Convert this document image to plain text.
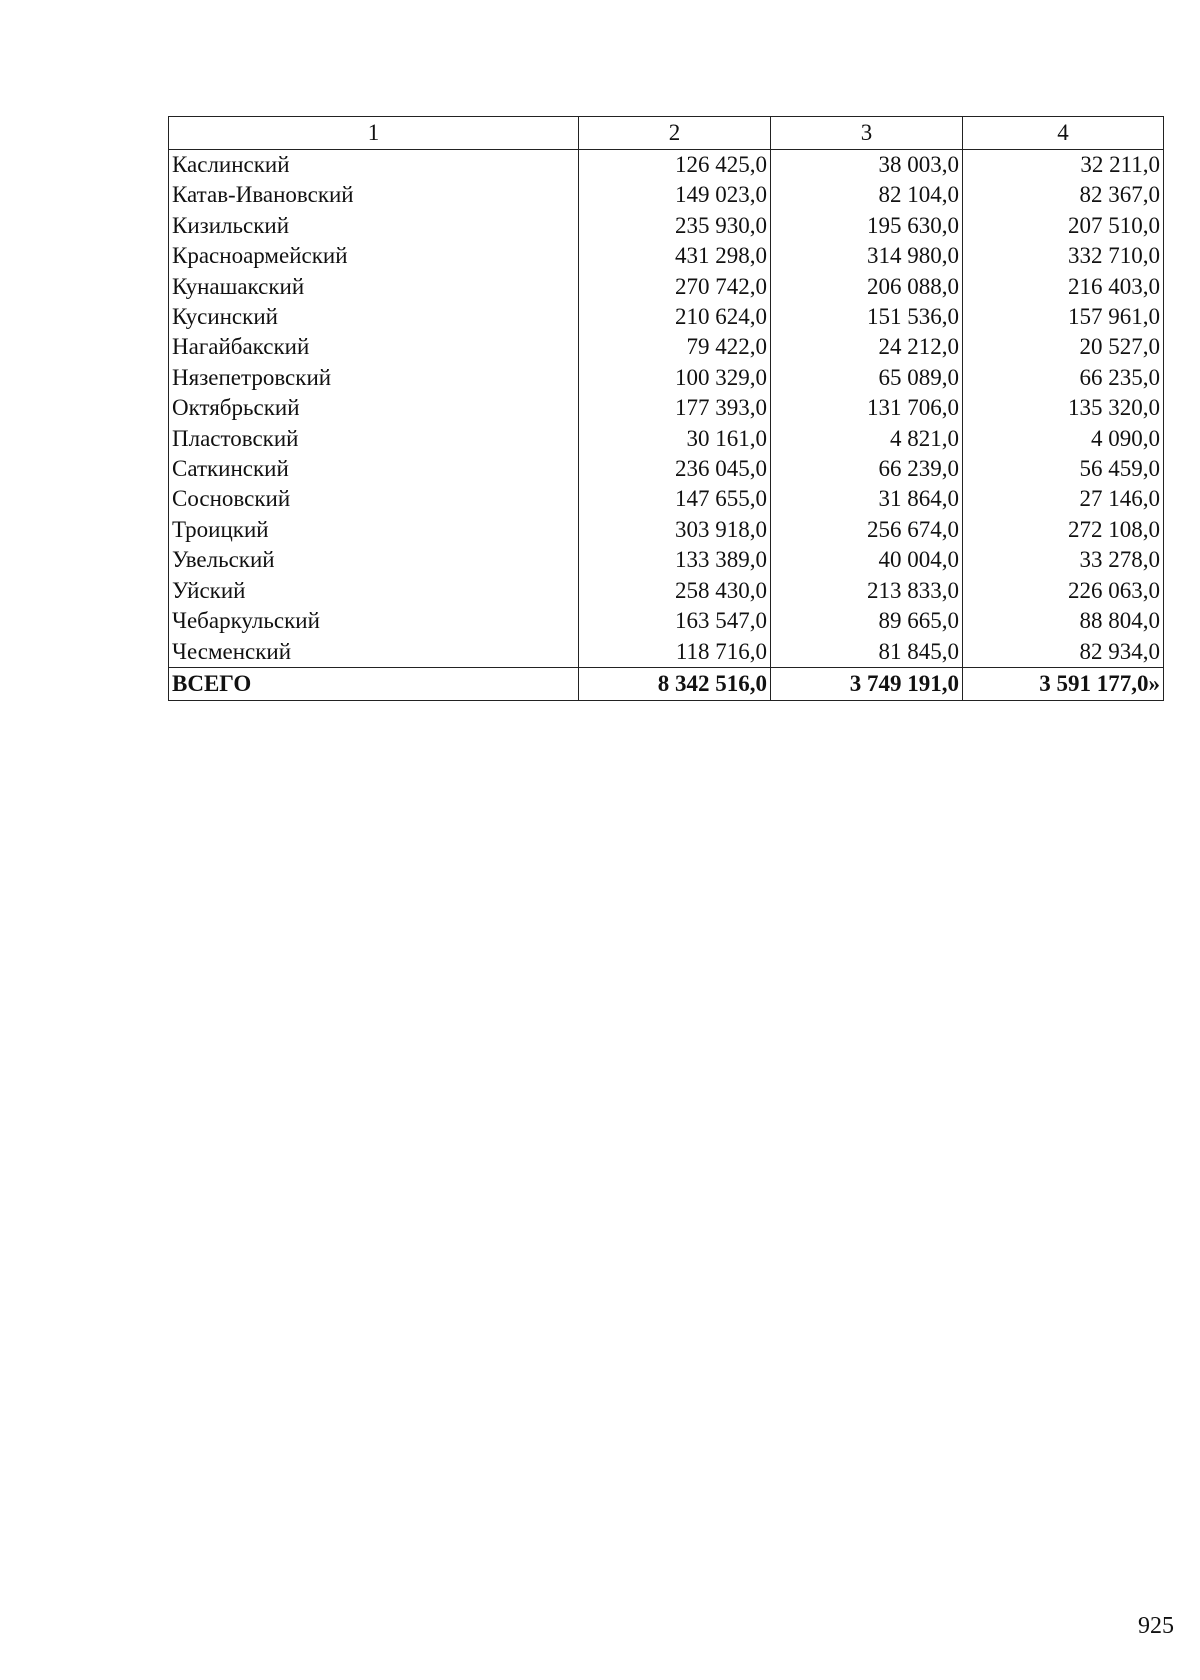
1	2	3	4
Каслинский	126 425,0	38 003,0	32 211,0
Катав-Ивановский	149 023,0	82 104,0	82 367,0
Кизильский	235 930,0	195 630,0	207 510,0
Красноармейский	431 298,0	314 980,0	332 710,0
Кунашакский	270 742,0	206 088,0	216 403,0
Кусинский	210 624,0	151 536,0	157 961,0
Нагайбакский	79 422,0	24 212,0	20 527,0
Нязепетровский	100 329,0	65 089,0	66 235,0
Октябрьский	177 393,0	131 706,0	135 320,0
Пластовский	30 161,0	4 821,0	4 090,0
Саткинский	236 045,0	66 239,0	56 459,0
Сосновский	147 655,0	31 864,0	27 146,0
Троицкий	303 918,0	256 674,0	272 108,0
Увельский	133 389,0	40 004,0	33 278,0
Уйский	258 430,0	213 833,0	226 063,0
Чебаркульский	163 547,0	89 665,0	88 804,0
Чесменский	118 716,0	81 845,0	82 934,0
ВСЕГО	8 342 516,0	3 749 191,0	3 591 177,0»
925
